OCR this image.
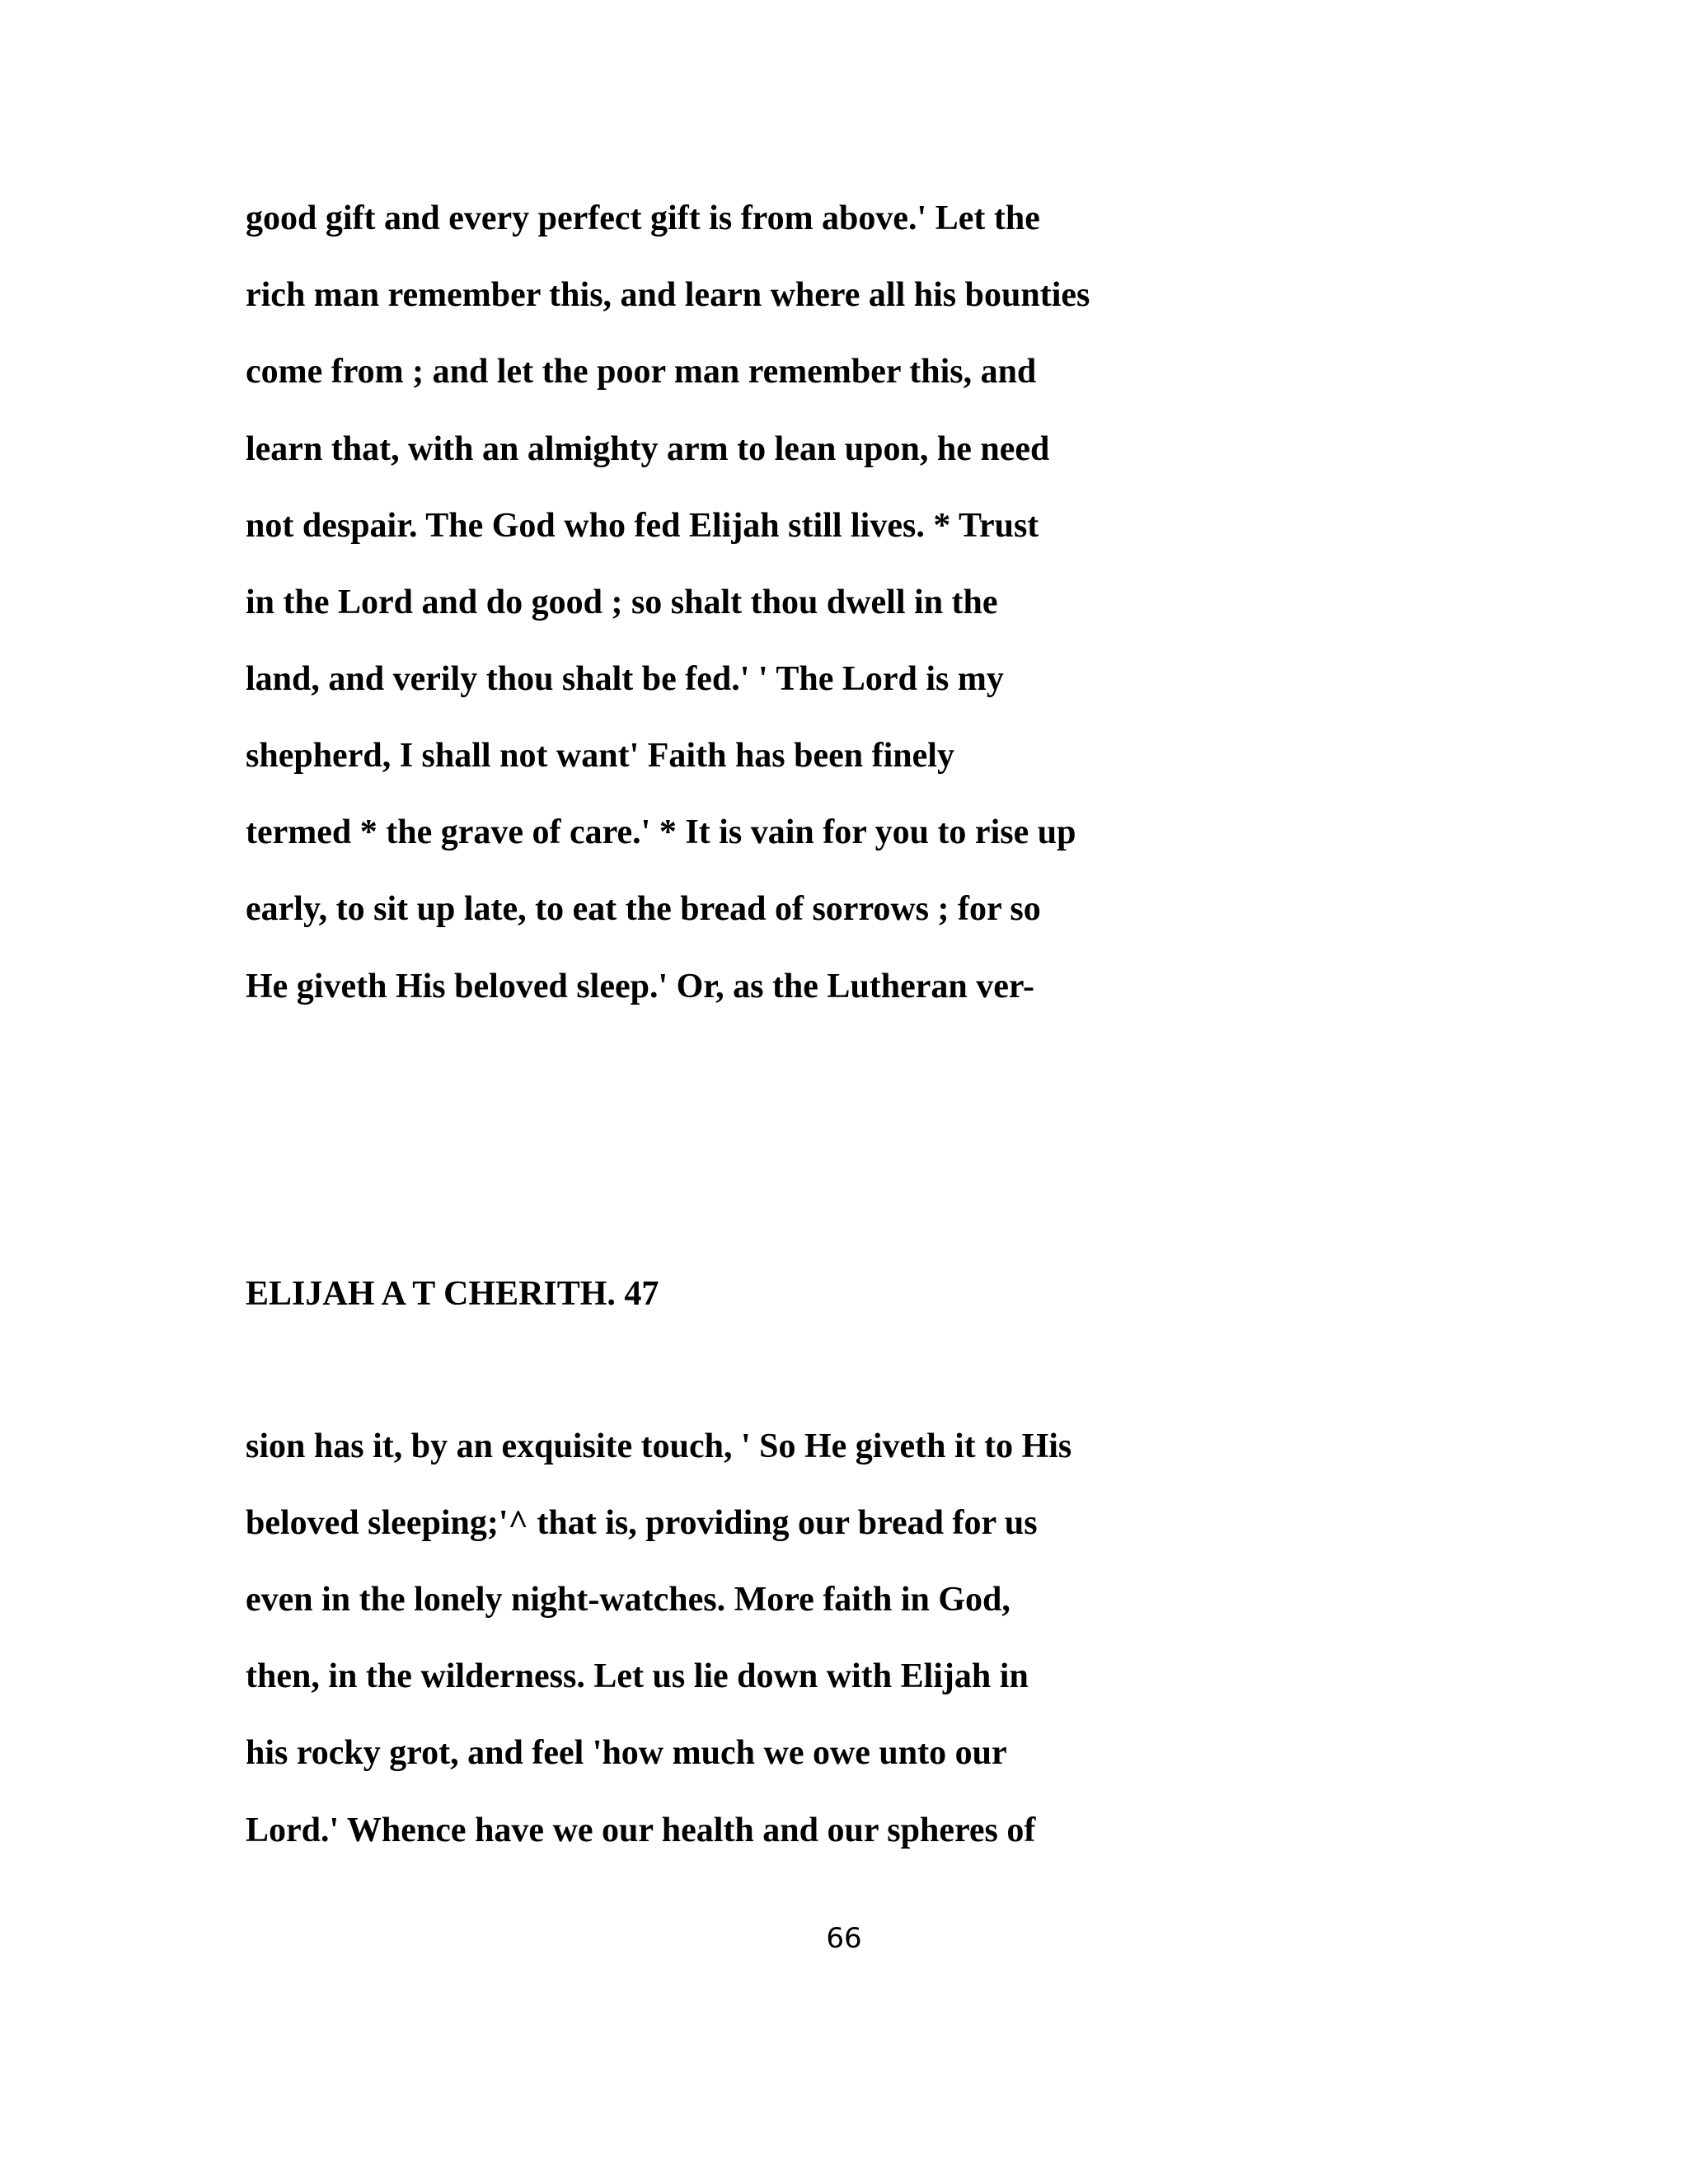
good gift and every perfect gift is from above.' Let the
rich man remember this, and learn where all his bounties
come from ; and let the poor man remember this, and
learn that, with an almighty arm to lean upon, he need
not despair. The God who fed Elijah still lives. * Trust
in the Lord and do good ; so shalt thou dwell in the
land, and verily thou shalt be fed.' ' The Lord is my
shepherd, I shall not want' Faith has been finely
termed * the grave of care.' * It is vain for you to rise up
early, to sit up late, to eat the bread of sorrows ; for so
He giveth His beloved sleep.' Or, as the Lutheran ver-
ELIJAH A T CHERITH. 47
sion has it, by an exquisite touch, ' So He giveth it to His
beloved sleeping;'^ that is, providing our bread for us
even in the lonely night-watches. More faith in God,
then, in the wilderness. Let us lie down with Elijah in
his rocky grot, and feel 'how much we owe unto our
Lord.' Whence have we our health and our spheres of
66
